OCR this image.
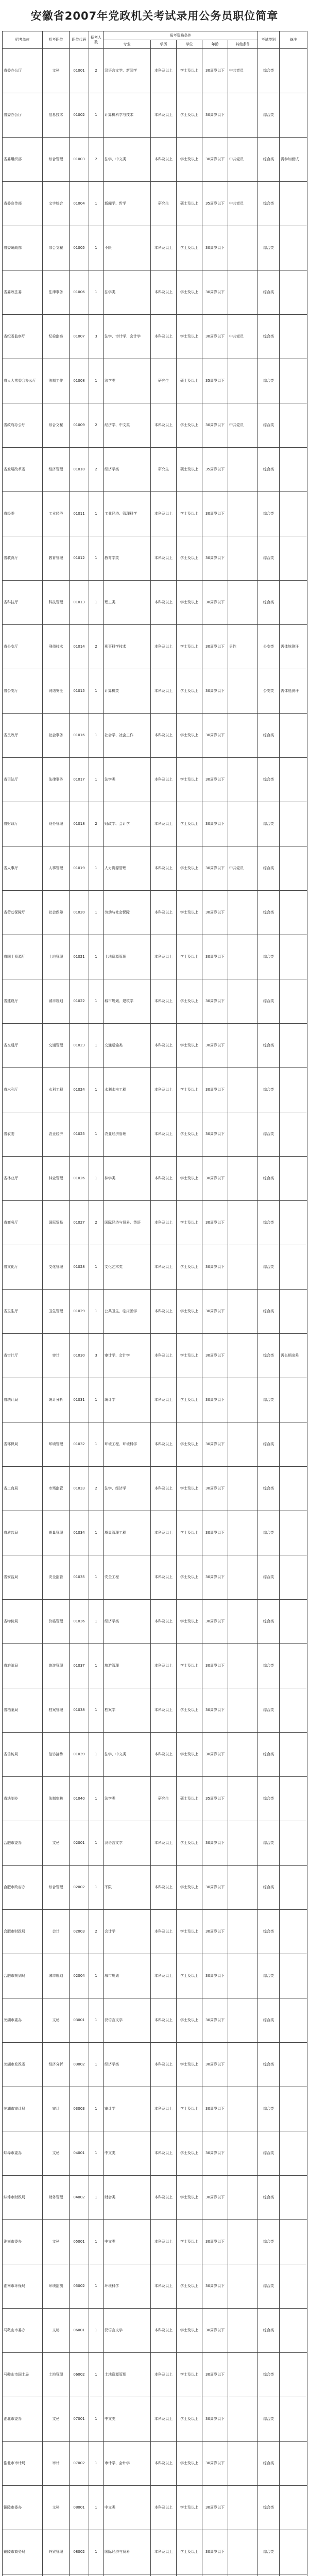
安徽省2007年党政机关考试录用公务员职位简章
招考单位	招考职位	职位代码	招考人数	报考资格条件					考试类别	备注
				专业	学历	学位	年龄	其他条件		
省委办公厅	文秘	01001	2	汉语言文学、新闻学	本科及以上	学士及以上	30周岁以下	中共党员	综合类	
省委办公厅	信息技术	01002	1	计算机科学与技术	本科及以上	学士及以上	30周岁以下		综合类	
省委组织部	综合管理	01003	2	法学、中文类	本科及以上	学士及以上	30周岁以下	中共党员	综合类	需参加面试
省委宣传部	文字综合	01004	1	新闻学、哲学	研究生	硕士及以上	35周岁以下	中共党员	综合类	
省委统战部	综合文秘	01005	1	不限	本科及以上	学士及以上	30周岁以下		综合类	
省委政法委	法律事务	01006	1	法学类	本科及以上	学士及以上	30周岁以下		综合类	
省纪委监察厅	纪检监察	01007	3	法学、审计学、会计学	本科及以上	学士及以上	30周岁以下	中共党员	综合类	
省人大常委会办公厅	法制工作	01008	1	法学类	研究生	硕士及以上	35周岁以下		综合类	
省政府办公厅	综合文秘	01009	2	经济学、中文类	本科及以上	学士及以上	30周岁以下	中共党员	综合类	
省发展改革委	经济管理	01010	2	经济学类	研究生	硕士及以上	35周岁以下		综合类	
省经委	工业经济	01011	1	工业经济、管理科学	本科及以上	学士及以上	30周岁以下		综合类	
省教育厅	教育管理	01012	1	教育学类	本科及以上	学士及以上	30周岁以下		综合类	
省科技厅	科技管理	01013	1	理工类	本科及以上	学士及以上	30周岁以下		综合类	
省公安厅	刑侦技术	01014	2	刑事科学技术	本科及以上	学士及以上	30周岁以下	男性	公安类	需体能测评
省公安厅	网络安全	01015	1	计算机类	本科及以上	学士及以上	30周岁以下		公安类	需体能测评
省民政厅	社会事务	01016	1	社会学、社会工作	本科及以上	学士及以上	30周岁以下		综合类	
省司法厅	法律事务	01017	1	法学类	本科及以上	学士及以上	30周岁以下		综合类	
省财政厅	财务管理	01018	2	财政学、会计学	本科及以上	学士及以上	30周岁以下		综合类	
省人事厅	人事管理	01019	1	人力资源管理	本科及以上	学士及以上	30周岁以下	中共党员	综合类	
省劳动保障厅	社会保障	01020	1	劳动与社会保障	本科及以上	学士及以上	30周岁以下		综合类	
省国土资源厅	土地管理	01021	1	土地资源管理	本科及以上	学士及以上	30周岁以下		综合类	
省建设厅	城市规划	01022	1	城市规划、建筑学	本科及以上	学士及以上	30周岁以下		综合类	
省交通厅	交通管理	01023	1	交通运输类	本科及以上	学士及以上	30周岁以下		综合类	
省水利厅	水利工程	01024	1	水利水电工程	本科及以上	学士及以上	30周岁以下		综合类	
省农委	农业经济	01025	1	农业经济管理	本科及以上	学士及以上	30周岁以下		综合类	
省林业厅	林业管理	01026	1	林学类	本科及以上	学士及以上	30周岁以下		综合类	
省商务厅	国际贸易	01027	2	国际经济与贸易、英语	本科及以上	学士及以上	30周岁以下		综合类	
省文化厅	文化管理	01028	1	文化艺术类	本科及以上	学士及以上	30周岁以下		综合类	
省卫生厅	卫生管理	01029	1	公共卫生、临床医学	本科及以上	学士及以上	30周岁以下		综合类	
省审计厅	审计	01030	3	审计学、会计学	本科及以上	学士及以上	30周岁以下		综合类	需长期出差
省统计局	统计分析	01031	1	统计学	本科及以上	学士及以上	30周岁以下		综合类	
省环保局	环境管理	01032	1	环境工程、环境科学	本科及以上	学士及以上	30周岁以下		综合类	
省工商局	市场监管	01033	2	法学、经济学	本科及以上	学士及以上	30周岁以下		综合类	
省质监局	质量管理	01034	1	质量管理工程	本科及以上	学士及以上	30周岁以下		综合类	
省安监局	安全监管	01035	1	安全工程	本科及以上	学士及以上	30周岁以下		综合类	
省物价局	价格管理	01036	1	经济学类	本科及以上	学士及以上	30周岁以下		综合类	
省旅游局	旅游管理	01037	1	旅游管理	本科及以上	学士及以上	30周岁以下		综合类	
省档案局	档案管理	01038	1	档案学	本科及以上	学士及以上	30周岁以下		综合类	
省信访局	信访接待	01039	1	法学、中文类	本科及以上	学士及以上	30周岁以下		综合类	
省法制办	法制审核	01040	1	法学类	研究生	硕士及以上	35周岁以下		综合类	
合肥市委办	文秘	02001	1	汉语言文学	本科及以上	学士及以上	30周岁以下		综合类	
合肥市政府办	综合管理	02002	1	不限	本科及以上	学士及以上	30周岁以下		综合类	
合肥市财政局	会计	02003	2	会计学	本科及以上	学士及以上	30周岁以下		综合类	
合肥市规划局	城市规划	02004	1	城市规划	本科及以上	学士及以上	30周岁以下		综合类	
芜湖市委办	文秘	03001	1	汉语言文学	本科及以上	学士及以上	30周岁以下		综合类	
芜湖市发改委	经济分析	03002	1	经济学类	本科及以上	学士及以上	30周岁以下		综合类	
芜湖市审计局	审计	03003	1	审计学	本科及以上	学士及以上	30周岁以下		综合类	
蚌埠市委办	文秘	04001	1	中文类	本科及以上	学士及以上	30周岁以下		综合类	
蚌埠市财政局	财务管理	04002	1	财会类	本科及以上	学士及以上	30周岁以下		综合类	
淮南市委办	文秘	05001	1	中文类	本科及以上	学士及以上	30周岁以下		综合类	
淮南市环保局	环境监测	05002	1	环境科学	本科及以上	学士及以上	30周岁以下		综合类	
马鞍山市委办	文秘	06001	1	汉语言文学	本科及以上	学士及以上	30周岁以下		综合类	
马鞍山市国土局	土地管理	06002	1	土地资源管理	本科及以上	学士及以上	30周岁以下		综合类	
淮北市委办	文秘	07001	1	中文类	本科及以上	学士及以上	30周岁以下		综合类	
淮北市审计局	审计	07002	1	审计学、会计学	本科及以上	学士及以上	30周岁以下		综合类	
铜陵市委办	文秘	08001	1	中文类	本科及以上	学士及以上	30周岁以下		综合类	
铜陵市商务局	外贸管理	08002	1	国际经济与贸易	本科及以上	学士及以上	30周岁以下		综合类	
